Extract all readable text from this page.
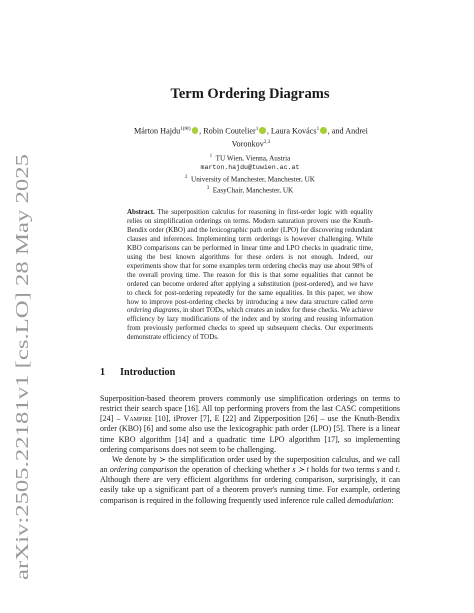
arXiv:2505.22181v1 [cs.LO] 28 May 2025
Term Ordering Diagrams
Márton Hajdu$^{1(✉)}$ , Robin Coutelier$^1$ , Laura Kovács$^1$ , and Andrei Voronkov$^{2,3}$
$^1$ TU Wien, Vienna, Austria
marton.hajdu@tuwien.ac.at
$^2$ University of Manchester, Manchester, UK
$^3$ EasyChair, Manchester, UK
Abstract. The superposition calculus for reasoning in first-order logic with equality relies on simplification orderings on terms. Modern saturation provers use the Knuth-Bendix order (KBO) and the lexicographic path order (LPO) for discovering redundant clauses and inferences. Implementing term orderings is however challenging. While KBO comparisons can be performed in linear time and LPO checks in quadratic time, using the best known algorithms for these orders is not enough. Indeed, our experiments show that for some examples term ordering checks may use about 98% of the overall proving time. The reason for this is that some equalities that cannot be ordered can become ordered after applying a substitution (post-ordered), and we have to check for post-ordering repeatedly for the same equalities. In this paper, we show how to improve post-ordering checks by introducing a new data structure called term ordering diagrams, in short TODs, which creates an index for these checks. We achieve efficiency by lazy modifications of the index and by storing and reusing information from previously performed checks to speed up subsequent checks. Our experiments demonstrate efficiency of TODs.
1 Introduction

Superposition-based theorem provers commonly use simplification orderings on terms to restrict their search space [16]. All top performing provers from the last CASC competitions [24] – Vampire [10], iProver [7], E [22] and Zipperposition [26] – use the Knuth-Bendix order (KBO) [6] and some also use the lexicographic path order (LPO) [5]. There is a linear time KBO algorithm [14] and a quadratic time LPO algorithm [17], so implementing ordering comparisons does not seem to be challenging.

We denote by ≻ the simplification order used by the superposition calculus, and we call an ordering comparison the operation of checking whether s ≻ t holds for two terms s and t. Although there are very efficient algorithms for ordering comparison, surprisingly, it can easily take up a significant part of a theorem prover's running time. For example, ordering comparison is required in the following frequently used inference rule called demodulation:
